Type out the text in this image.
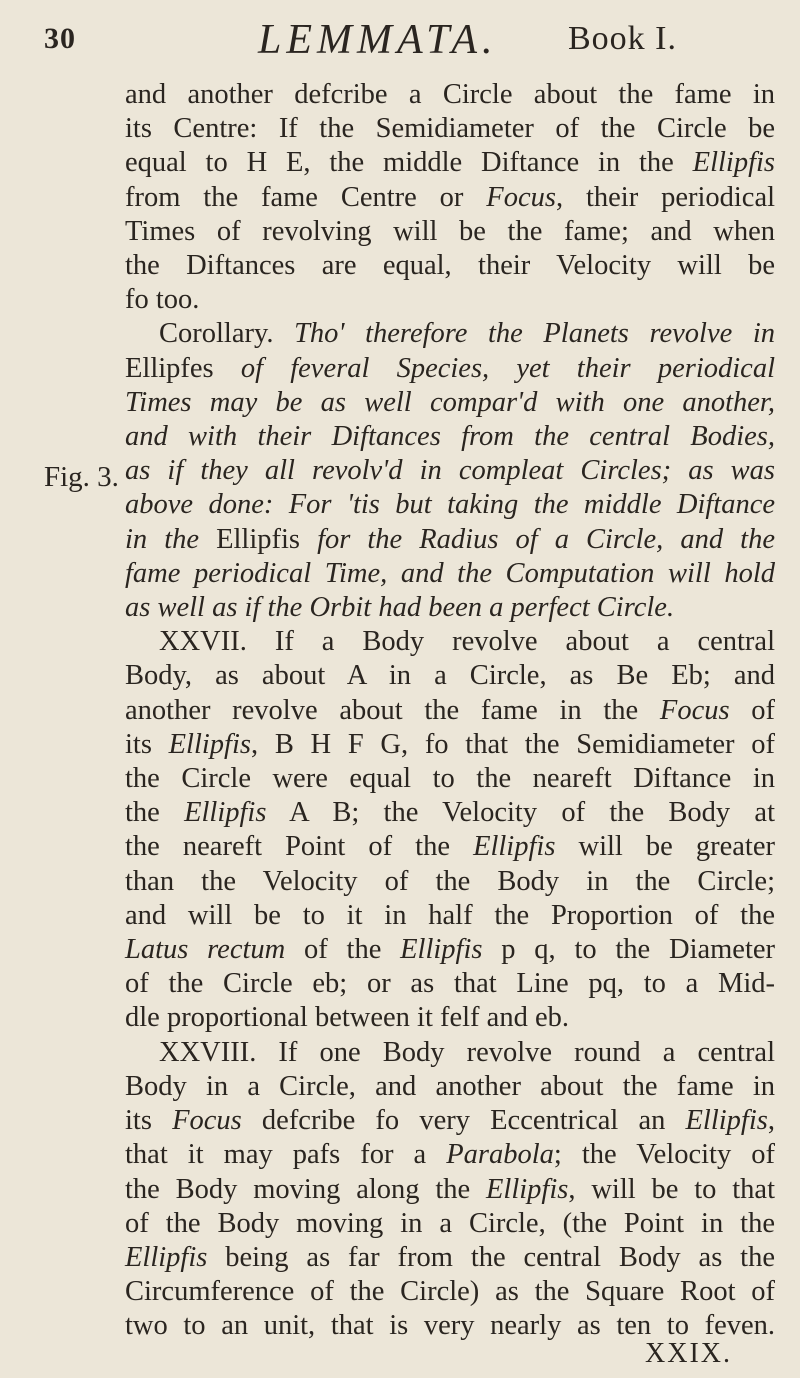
30	LEMMATA. Book I.
Fig. 3.
and another defcribe a Circle about the fame in
its Centre: If the Semidiameter of the Circle be
equal to H E, the middle Diftance in the Ellipfis
from the fame Centre or Focus, their periodical
Times of revolving will be the fame; and when
the Diftances are equal, their Velocity will be
fo too.
Corollary. Tho' therefore the Planets revolve in
Ellipfes of feveral Species, yet their periodical
Times may be as well compar'd with one another,
and with their Diftances from the central Bodies,
as if they all revolv'd in compleat Circles; as was
above done: For 'tis but taking the middle Diftance
in the Ellipfis for the Radius of a Circle, and the
fame periodical Time, and the Computation will hold
as well as if the Orbit had been a perfect Circle.
XXVII. If a Body revolve about a central
Body, as about A in a Circle, as Be Eb; and
another revolve about the fame in the Focus of
its Ellipfis, B H F G, fo that the Semidiameter of
the Circle were equal to the neareft Diftance in
the Ellipfis A B; the Velocity of the Body at
the neareft Point of the Ellipfis will be greater
than the Velocity of the Body in the Circle;
and will be to it in half the Proportion of the
Latus rectum of the Ellipfis p q, to the Diameter
of the Circle eb; or as that Line pq, to a Mid-
dle proportional between it felf and eb.
XXVIII. If one Body revolve round a central
Body in a Circle, and another about the fame in
its Focus defcribe fo very Eccentrical an Ellipfis,
that it may pafs for a Parabola; the Velocity of
the Body moving along the Ellipfis, will be to that
of the Body moving in a Circle, (the Point in the
Ellipfis being as far from the central Body as the
Circumference of the Circle) as the Square Root of
two to an unit, that is very nearly as ten to feven.
XXIX.
